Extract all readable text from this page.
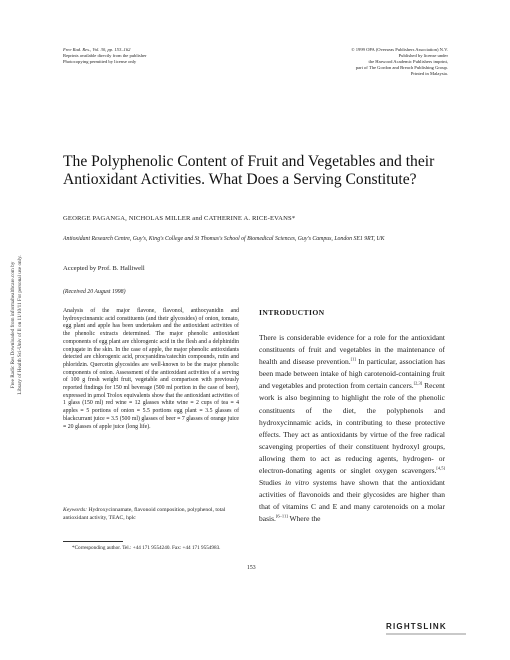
Free Radic Res Downloaded from informahealthcare.com by Library of Health Sci-Univ of Il on 11/10/11 For personal use only.
Free Rad. Res., Vol. 30, pp. 153–162
Reprints available directly from the publisher
Photocopying permitted by license only
© 1999 OPA (Overseas Publishers Association) N.V.
Published by license under
the Harwood Academic Publishers imprint,
part of The Gordon and Breach Publishing Group.
Printed in Malaysia.
The Polyphenolic Content of Fruit and Vegetables and their Antioxidant Activities. What Does a Serving Constitute?
GEORGE PAGANGA, NICHOLAS MILLER and CATHERINE A. RICE-EVANS*
Antioxidant Research Centre, Guy's, King's College and St Thomas's School of Biomedical Sciences, Guy's Campus, London SE1 9RT, UK
Accepted by Prof. B. Halliwell
(Received 20 August 1998)
Analysis of the major flavone, flavonol, anthocyanidin and hydroxycinnamic acid constituents (and their glycosides) of onion, tomato, egg plant and apple has been undertaken and the antioxidant activities of the phenolic extracts determined. The major phenolic antioxidant components of egg plant are chlorogenic acid in the flesh and a delphinidin conjugate in the skin. In the case of apple, the major phenolic antioxidants detected are chlorogenic acid, procyanidins/catechin compounds, rutin and phloridzin. Quercetin glycosides are well-known to be the major phenolic components of onion. Assessment of the antioxidant activities of a serving of 100 g fresh weight fruit, vegetable and comparison with previously reported findings for 150 ml beverage (500 ml portion in the case of beer), expressed in μmol Trolox equivalents show that the antioxidant activities of 1 glass (150 ml) red wine ≡ 12 glasses white wine ≡ 2 cups of tea ≡ 4 apples ≡ 5 portions of onion ≡ 5.5 portions egg plant ≡ 3.5 glasses of blackcurrant juice ≡ 3.5 (500 ml) glasses of beer ≡ 7 glasses of orange juice ≡ 20 glasses of apple juice (long life).
Keywords: Hydroxycinnamate, flavonoid composition, polyphenol, total antioxidant activity, TEAC, hplc
INTRODUCTION
There is considerable evidence for a role for the antioxidant constituents of fruit and vegetables in the maintenance of health and disease prevention.[1] In particular, association has been made between intake of high carotenoid-containing fruit and vegetables and protection from certain cancers.[2,3] Recent work is also beginning to highlight the role of the phenolic constituents of the diet, the polyphenols and hydroxycinnamic acids, in contributing to these protective effects. They act as antioxidants by virtue of the free radical scavenging properties of their constituent hydroxyl groups, allowing them to act as reducing agents, hydrogen- or electron-donating agents or singlet oxygen scavengers.[4,5] Studies in vitro systems have shown that the antioxidant activities of flavonoids and their glycosides are higher than that of vitamins C and E and many carotenoids on a molar basis.[6–11] Where the
*Corresponding author. Tel.: +44 171 9554240. Fax: +44 171 9554983.
153
RIGHTSLINK
